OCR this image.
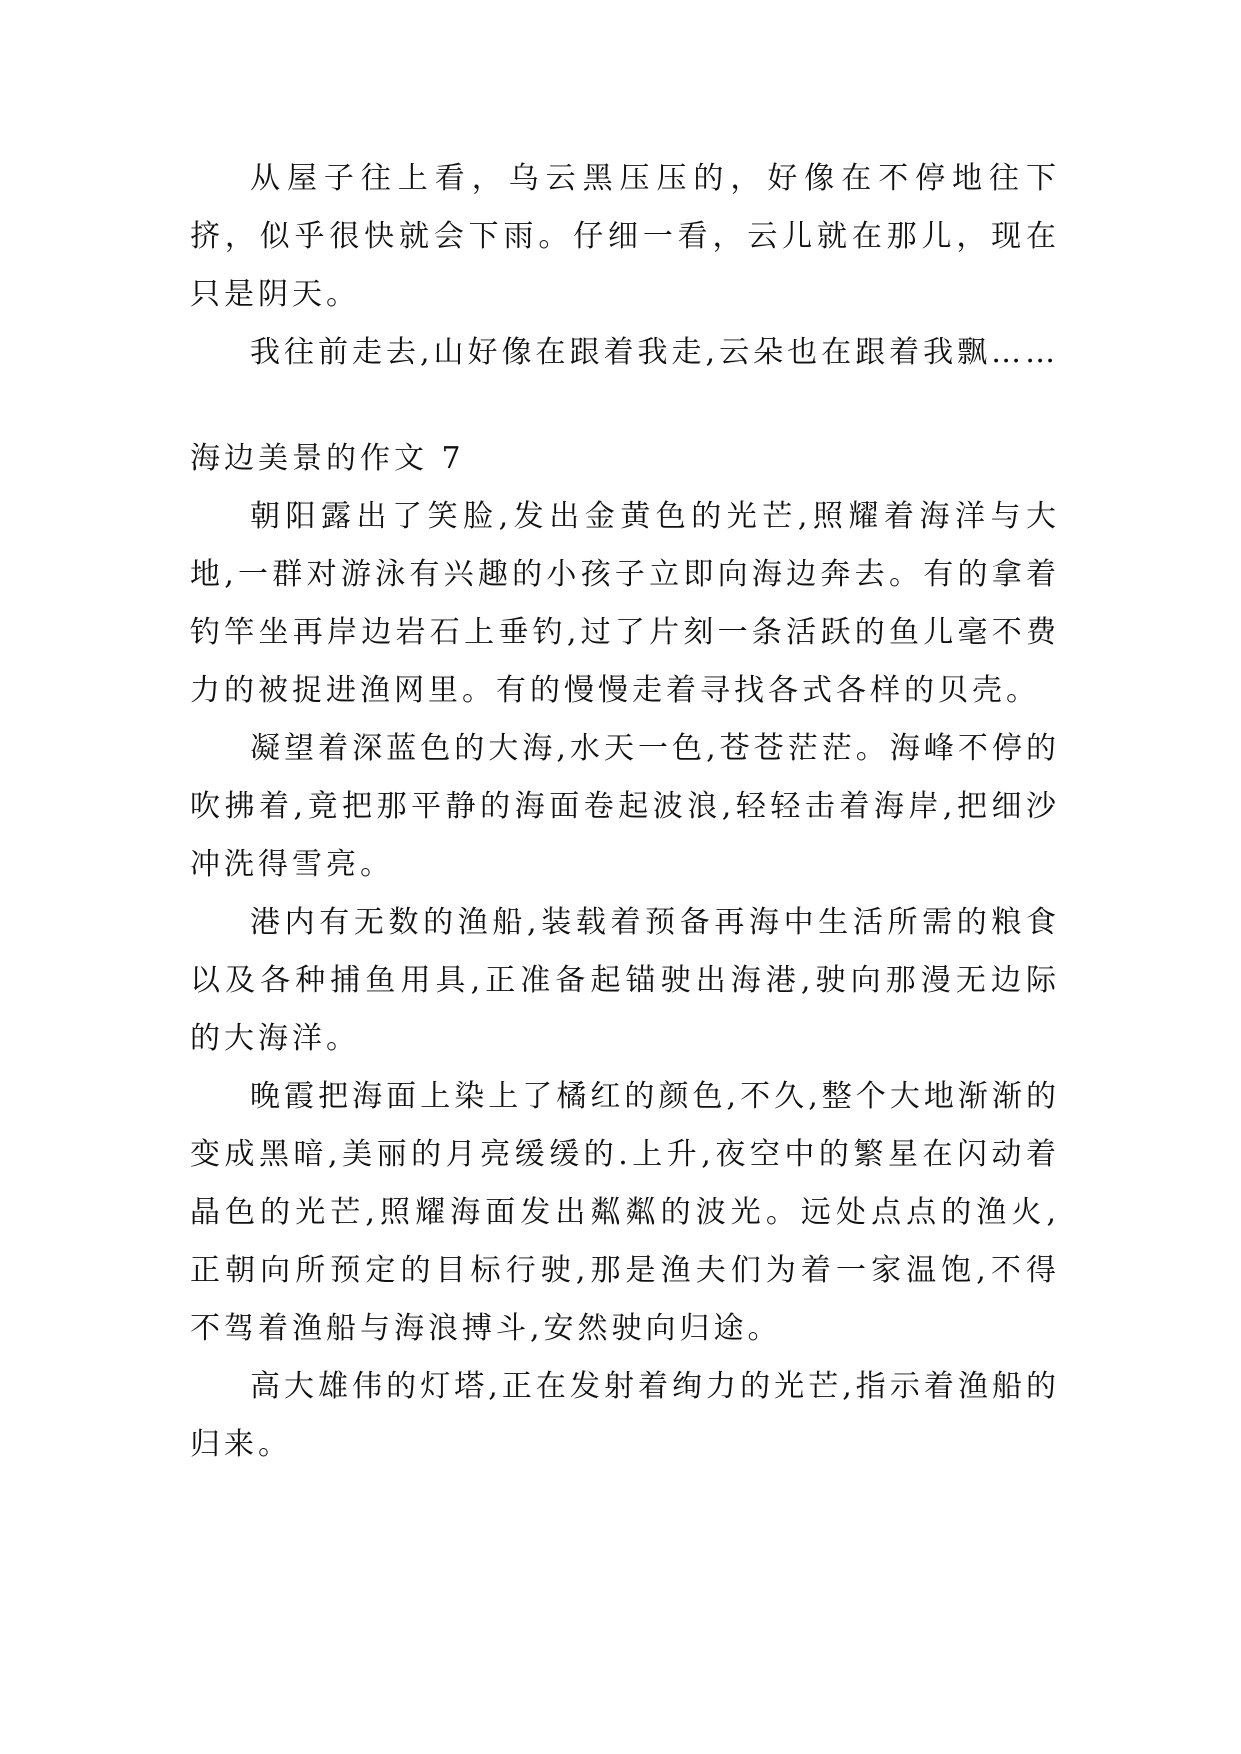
从屋子往上看，乌云黑压压的，好像在不停地往下挤，似乎很快就会下雨。仔细一看，云儿就在那儿，现在只是阴天。

我往前走去,山好像在跟着我走,云朵也在跟着我飘……

海边美景的作文 7

朝阳露出了笑脸,发出金黄色的光芒,照耀着海洋与大地,一群对游泳有兴趣的小孩子立即向海边奔去。有的拿着钓竿坐再岸边岩石上垂钓,过了片刻一条活跃的鱼儿毫不费力的被捉进渔网里。有的慢慢走着寻找各式各样的贝壳。

凝望着深蓝色的大海,水天一色,苍苍茫茫。海峰不停的吹拂着,竟把那平静的海面卷起波浪,轻轻击着海岸,把细沙冲洗得雪亮。

港内有无数的渔船,装载着预备再海中生活所需的粮食以及各种捕鱼用具,正准备起锚驶出海港,驶向那漫无边际的大海洋。

晚霞把海面上染上了橘红的颜色,不久,整个大地渐渐的变成黑暗,美丽的月亮缓缓的.上升,夜空中的繁星在闪动着晶色的光芒,照耀海面发出粼粼的波光。远处点点的渔火,正朝向所预定的目标行驶,那是渔夫们为着一家温饱,不得不驾着渔船与海浪搏斗,安然驶向归途。

高大雄伟的灯塔,正在发射着绚力的光芒,指示着渔船的归来。
